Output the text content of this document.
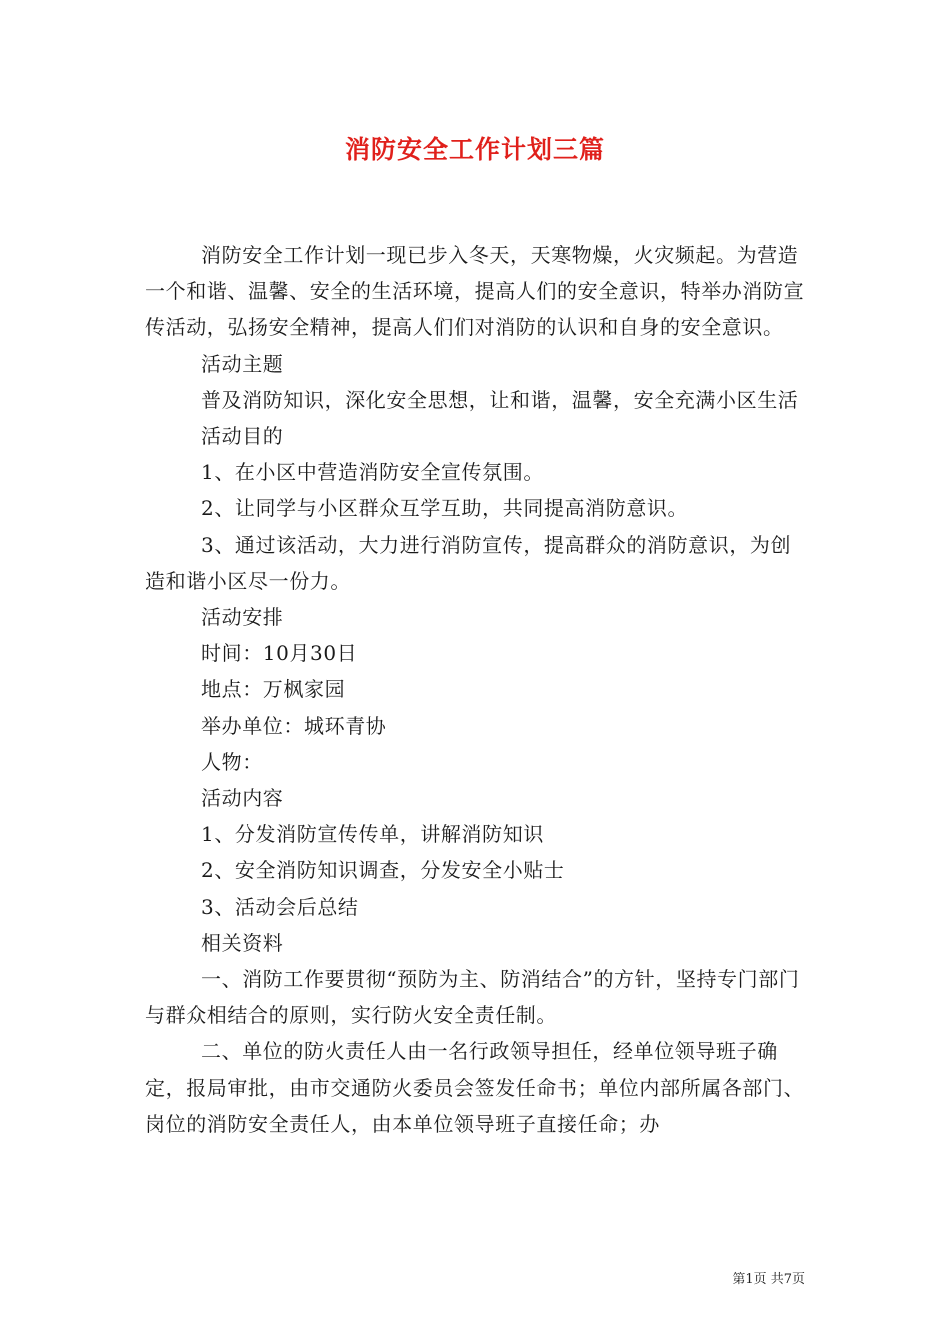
消防安全工作计划三篇

消防安全工作计划一现已步入冬天，天寒物燥，火灾频起。为营造一个和谐、温馨、安全的生活环境，提高人们的安全意识，特举办消防宣传活动，弘扬安全精神，提高人们们对消防的认识和自身的安全意识。

活动主题

普及消防知识，深化安全思想，让和谐，温馨，安全充满小区生活

活动目的

1、在小区中营造消防安全宣传氛围。

2、让同学与小区群众互学互助，共同提高消防意识。

3、通过该活动，大力进行消防宣传，提高群众的消防意识，为创造和谐小区尽一份力。

活动安排

时间：10月30日

地点：万枫家园

举办单位：城环青协

人物：

活动内容

1、分发消防宣传传单，讲解消防知识

2、安全消防知识调查，分发安全小贴士

3、活动会后总结

相关资料

一、消防工作要贯彻“预防为主、防消结合”的方针，坚持专门部门与群众相结合的原则，实行防火安全责任制。

二、单位的防火责任人由一名行政领导担任，经单位领导班子确定，报局审批，由市交通防火委员会签发任命书；单位内部所属各部门、岗位的消防安全责任人，由本单位领导班子直接任命；办

第1页 共7页
